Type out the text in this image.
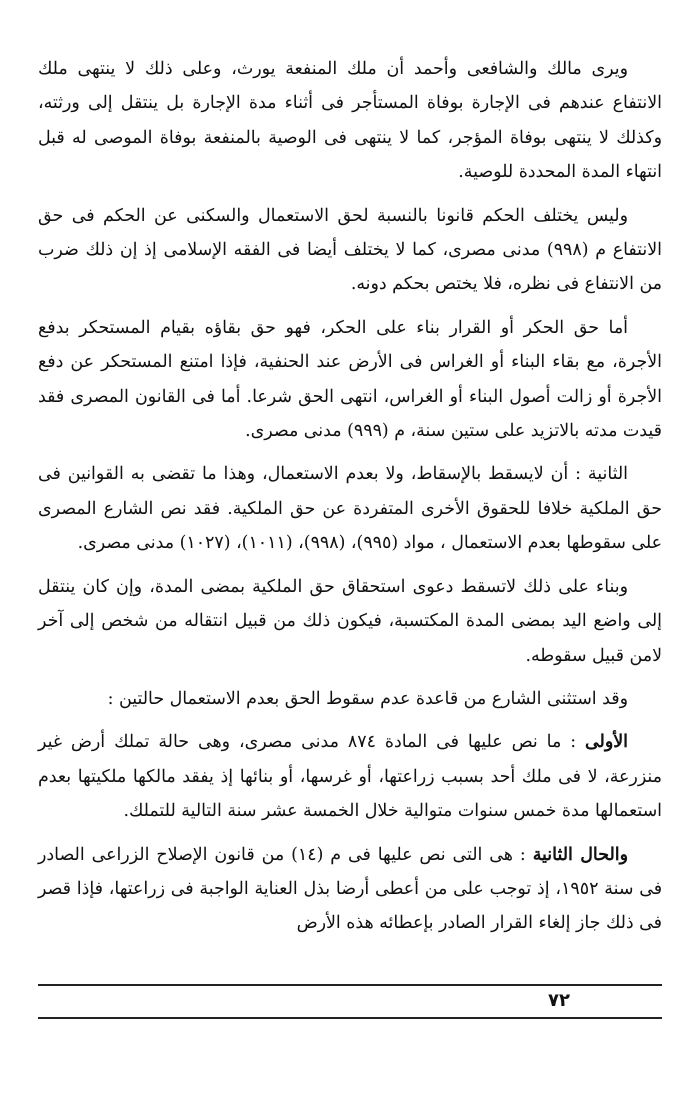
ويرى مالك والشافعى وأحمد أن ملك المنفعة يورث، وعلى ذلك لا ينتهى ملك الانتفاع عندهم فى الإجارة بوفاة المستأجر فى أثناء مدة الإجارة بل ينتقل إلى ورثته، وكذلك لا ينتهى بوفاة المؤجر، كما لا ينتهى فى الوصية بالمنفعة بوفاة الموصى له قبل انتهاء المدة المحددة للوصية.

وليس يختلف الحكم قانونا بالنسبة لحق الاستعمال والسكنى عن الحكم فى حق الانتفاع م (٩٩٨) مدنى مصرى، كما لا يختلف أيضا فى الفقه الإسلامى إذ إن ذلك ضرب من الانتفاع فى نظره، فلا يختص بحكم دونه.

أما حق الحكر أو القرار بناء على الحكر، فهو حق بقاؤه بقيام المستحكر بدفع الأجرة، مع بقاء البناء أو الغراس فى الأرض عند الحنفية، فإذا امتنع المستحكر عن دفع الأجرة أو زالت أصول البناء أو الغراس، انتهى الحق شرعا. أما فى القانون المصرى فقد قيدت مدته بالاتزيد على ستين سنة، م (٩٩٩) مدنى مصرى.

الثانية : أن لايسقط بالإسقاط، ولا بعدم الاستعمال، وهذا ما تقضى به القوانين فى حق الملكية خلافا للحقوق الأخرى المتفردة عن حق الملكية. فقد نص الشارع المصرى على سقوطها بعدم الاستعمال ، مواد (٩٩٥)، (٩٩٨)، (١٠١١)، (١٠٢٧) مدنى مصرى.

وبناء على ذلك لاتسقط دعوى استحقاق حق الملكية بمضى المدة، وإن كان ينتقل إلى واضع اليد بمضى المدة المكتسبة، فيكون ذلك من قبيل انتقاله من شخص إلى آخر لامن قبيل سقوطه.

وقد استثنى الشارع من قاعدة عدم سقوط الحق بعدم الاستعمال حالتين :

الأولى : ما نص عليها فى المادة ٨٧٤ مدنى مصرى، وهى حالة تملك أرض غير منزرعة، لا فى ملك أحد بسبب زراعتها، أو غرسها، أو بنائها إذ يفقد مالكها ملكيتها بعدم استعمالها مدة خمس سنوات متوالية خلال الخمسة عشر سنة التالية للتملك.

والحال الثانية : هى التى نص عليها فى م (١٤) من قانون الإصلاح الزراعى الصادر فى سنة ١٩٥٢، إذ توجب على من أعطى أرضا بذل العناية الواجبة فى زراعتها، فإذا قصر فى ذلك جاز إلغاء القرار الصادر بإعطائه هذه الأرض

٧٢
